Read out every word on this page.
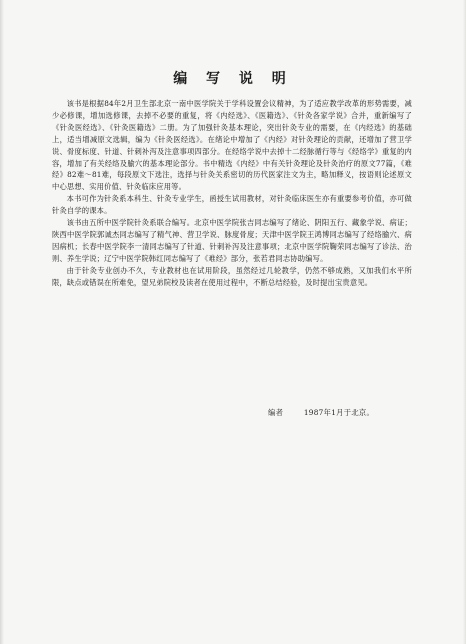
编 写 说 明

该书是根据84年2月卫生部北京一南中医学院关于学科设置会议精神，为了适应教学改革的形势需要，减少必修课，增加选修课，去掉不必要的重复，将《内经选》、《医籍选》、《针灸各家学说》合并，重新编写了《针灸医经选》、《针灸医籍选》二册。为了加强针灸基本理论，突出针灸专业的需要，在《内经选》的基础上，适当增减原文选辑，编为《针灸医经选》。在绪论中增加了《内经》对针灸理论的贡献，还增加了营卫学说、骨度标度、针道、针刺补泻及注意事项四部分。在经络学说中去掉十二经脉循行等与《经络学》重复的内容，增加了有关经络及腧穴的基本理论部分。书中精选《内经》中有关针灸理论及针灸治疗的原文77篇，《难经》82难～81难，每段原文下选注，选择与针灸关系密切的历代医家注文为主，略加释义，按语则论述原文中心思想、实用价值、针灸临床应用等。

本书可作为针灸系本科生、针灸专业学生，函授生试用教材，对针灸临床医生亦有重要参考价值，亦可做针灸自学的课本。

该书由五所中医学院针灸系联合编写。北京中医学院张吉同志编写了绪论、阴阳五行、藏象学说、病证；陕西中医学院郭诚杰同志编写了精气神、营卫学说、脉度骨度；天津中医学院王鸿博同志编写了经络腧穴、病因病机；长春中医学院李一清同志编写了针道、针刺补泻及注意事项；北京中医学院鞠荣同志编写了诊法、治则、养生学说；辽宁中医学院韩红同志编写了《难经》部分，张若君同志协助编写。

由于针灸专业创办不久，专业教材也在试用阶段，虽然经过几轮教学，仍然不够成熟，又加我们水平所限，缺点或错误在所难免，望兄弟院校及读者在使用过程中，不断总结经验，及时提出宝贵意见。

编者	1987年1月于北京。
